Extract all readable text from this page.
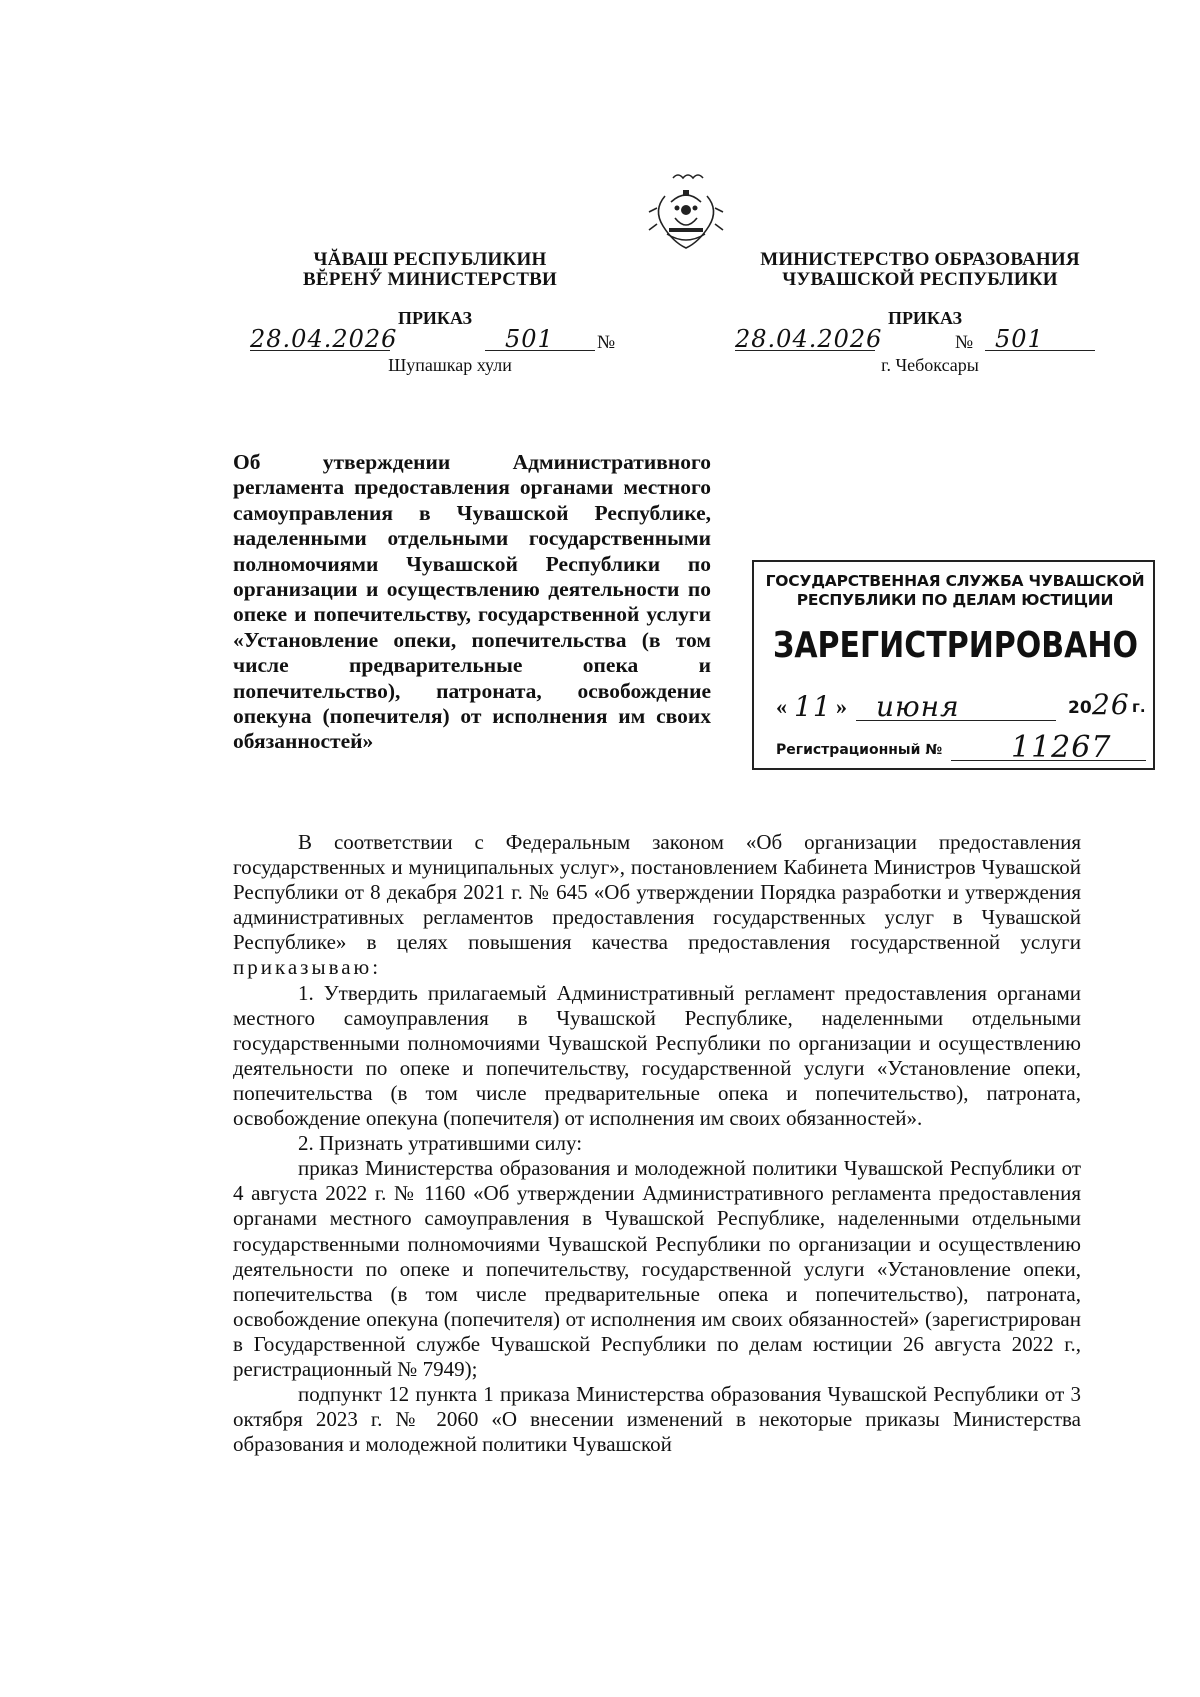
ЧĂВАШ РЕСПУБЛИКИН
ВĔРЕНӲ МИНИСТЕРСТВИ
МИНИСТЕРСТВО ОБРАЗОВАНИЯ
ЧУВАШСКОЙ РЕСПУБЛИКИ
ПРИКАЗ	ПРИКАЗ
28.04.2026	501 №	28.04.2026	№ 501
Шупашкар хули	г. Чебоксары
Об утверждении Административного регламента предоставления органами местного самоуправления в Чувашской Республике, наделенными отдельными государственными полномочиями Чувашской Республики по организации и осуществлению деятельности по опеке и попечительству, государственной услуги «Установление опеки, попечительства (в том числе предварительные опека и попечительство), патроната, освобождение опекуна (попечителя) от исполнения им своих обязанностей»
ГОСУДАРСТВЕННАЯ СЛУЖБА ЧУВАШСКОЙ
РЕСПУБЛИКИ ПО ДЕЛАМ ЮСТИЦИИ
ЗАРЕГИСТРИРОВАНО
« 11 » июня	20 26 г.
Регистрационный № 11267

В соответствии с Федеральным законом «Об организации предоставления государственных и муниципальных услуг», постановлением Кабинета Министров Чувашской Республики от 8 декабря 2021 г. № 645 «Об утверждении Порядка разработки и утверждения административных регламентов предоставления государственных услуг в Чувашской Республике» в целях повышения качества предоставления государственной услуги приказываю:

1. Утвердить прилагаемый Административный регламент предоставления органами местного самоуправления в Чувашской Республике, наделенными отдельными государственными полномочиями Чувашской Республики по организации и осуществлению деятельности по опеке и попечительству, государственной услуги «Установление опеки, попечительства (в том числе предварительные опека и попечительство), патроната, освобождение опекуна (попечителя) от исполнения им своих обязанностей».

2. Признать утратившими силу:

приказ Министерства образования и молодежной политики Чувашской Республики от 4 августа 2022 г. № 1160 «Об утверждении Административного регламента предоставления органами местного самоуправления в Чувашской Республике, наделенными отдельными государственными полномочиями Чувашской Республики по организации и осуществлению деятельности по опеке и попечительству, государственной услуги «Установление опеки, попечительства (в том числе предварительные опека и попечительство), патроната, освобождение опекуна (попечителя) от исполнения им своих обязанностей» (зарегистрирован в Государственной службе Чувашской Республики по делам юстиции 26 августа 2022 г., регистрационный № 7949);

подпункт 12 пункта 1 приказа Министерства образования Чувашской Республики от 3 октября 2023 г. № 2060 «О внесении изменений в некоторые приказы Министерства образования и молодежной политики Чувашской
